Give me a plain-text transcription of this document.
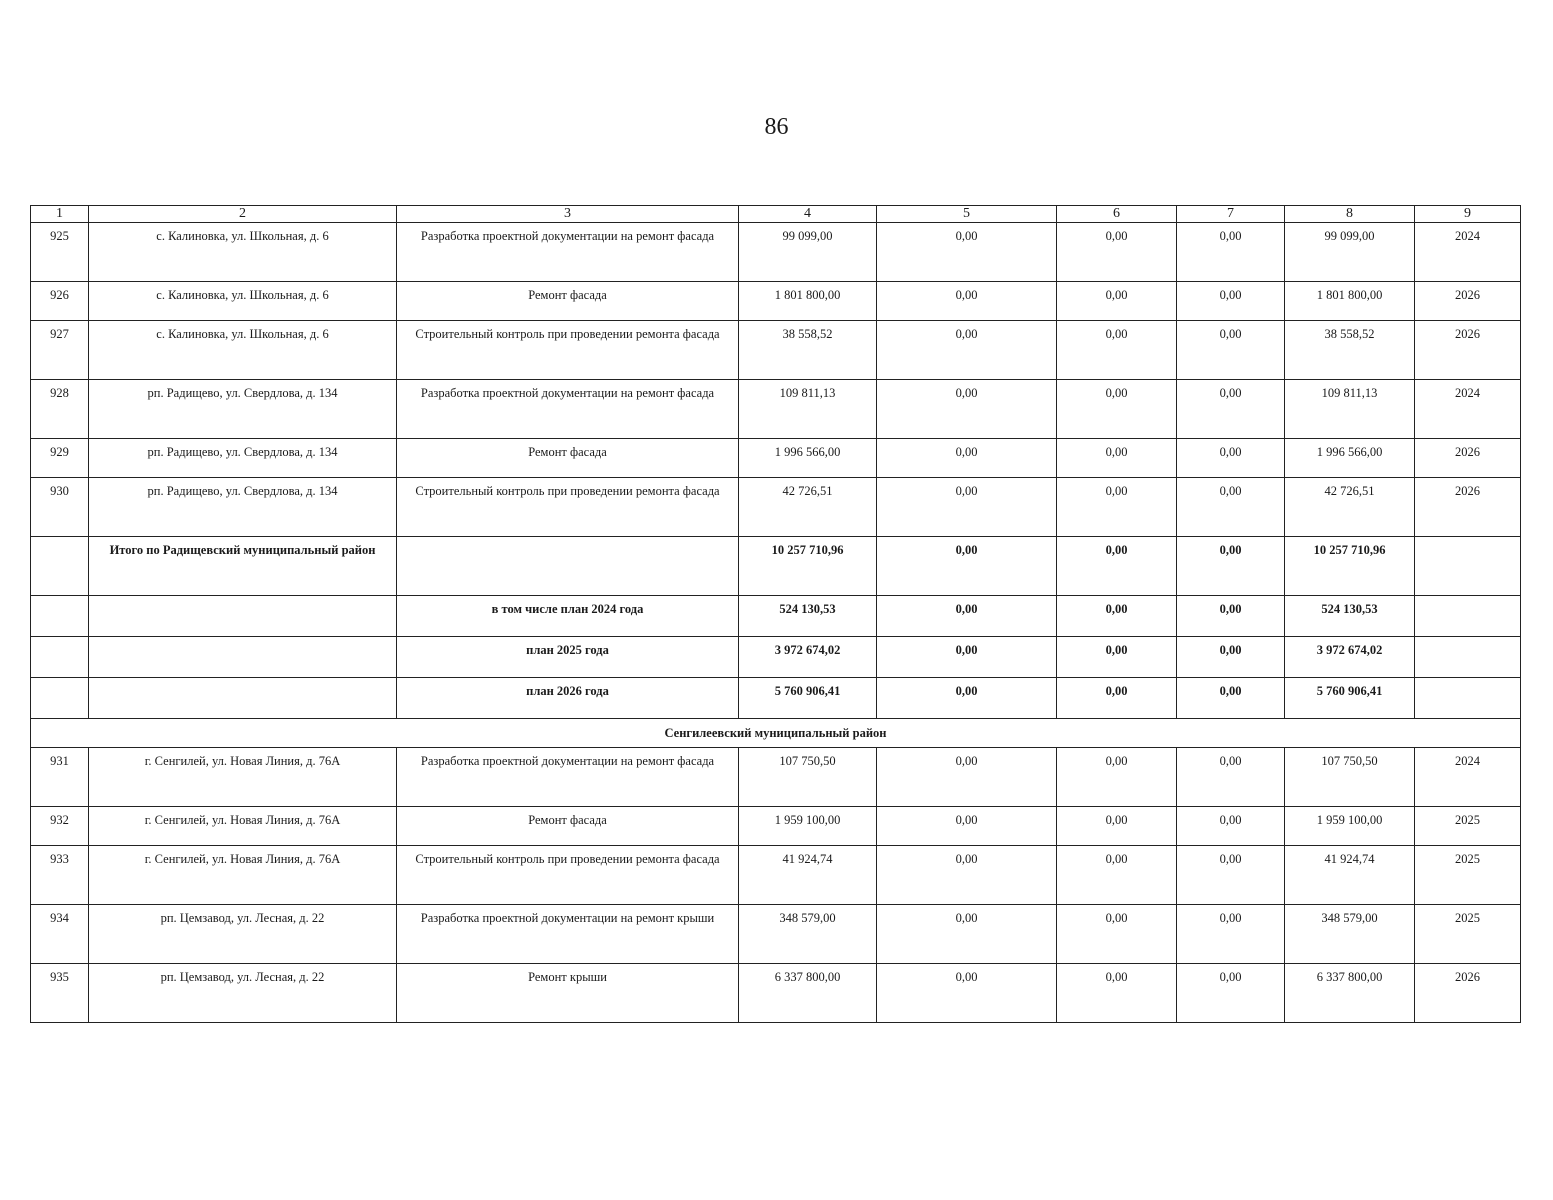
86
1	2	3	4	5	6	7	8	9
925	с. Калиновка, ул. Школьная, д. 6	Разработка проектной документации на ремонт фасада	99 099,00	0,00	0,00	0,00	99 099,00	2024
926	с. Калиновка, ул. Школьная, д. 6	Ремонт фасада	1 801 800,00	0,00	0,00	0,00	1 801 800,00	2026
927	с. Калиновка, ул. Школьная, д. 6	Строительный контроль при проведении ремонта фасада	38 558,52	0,00	0,00	0,00	38 558,52	2026
928	рп. Радищево, ул. Свердлова, д. 134	Разработка проектной документации на ремонт фасада	109 811,13	0,00	0,00	0,00	109 811,13	2024
929	рп. Радищево, ул. Свердлова, д. 134	Ремонт фасада	1 996 566,00	0,00	0,00	0,00	1 996 566,00	2026
930	рп. Радищево, ул. Свердлова, д. 134	Строительный контроль при проведении ремонта фасада	42 726,51	0,00	0,00	0,00	42 726,51	2026
	Итого по Радищевский муниципальный район		10 257 710,96	0,00	0,00	0,00	10 257 710,96	
		в том числе план 2024 года	524 130,53	0,00	0,00	0,00	524 130,53	
		план 2025 года	3 972 674,02	0,00	0,00	0,00	3 972 674,02	
		план 2026 года	5 760 906,41	0,00	0,00	0,00	5 760 906,41	
Сенгилеевский муниципальный район								
931	г. Сенгилей, ул. Новая Линия, д. 76А	Разработка проектной документации на ремонт фасада	107 750,50	0,00	0,00	0,00	107 750,50	2024
932	г. Сенгилей, ул. Новая Линия, д. 76А	Ремонт фасада	1 959 100,00	0,00	0,00	0,00	1 959 100,00	2025
933	г. Сенгилей, ул. Новая Линия, д. 76А	Строительный контроль при проведении ремонта фасада	41 924,74	0,00	0,00	0,00	41 924,74	2025
934	рп. Цемзавод, ул. Лесная, д. 22	Разработка проектной документации на ремонт крыши	348 579,00	0,00	0,00	0,00	348 579,00	2025
935	рп. Цемзавод, ул. Лесная, д. 22	Ремонт крыши	6 337 800,00	0,00	0,00	0,00	6 337 800,00	2026
